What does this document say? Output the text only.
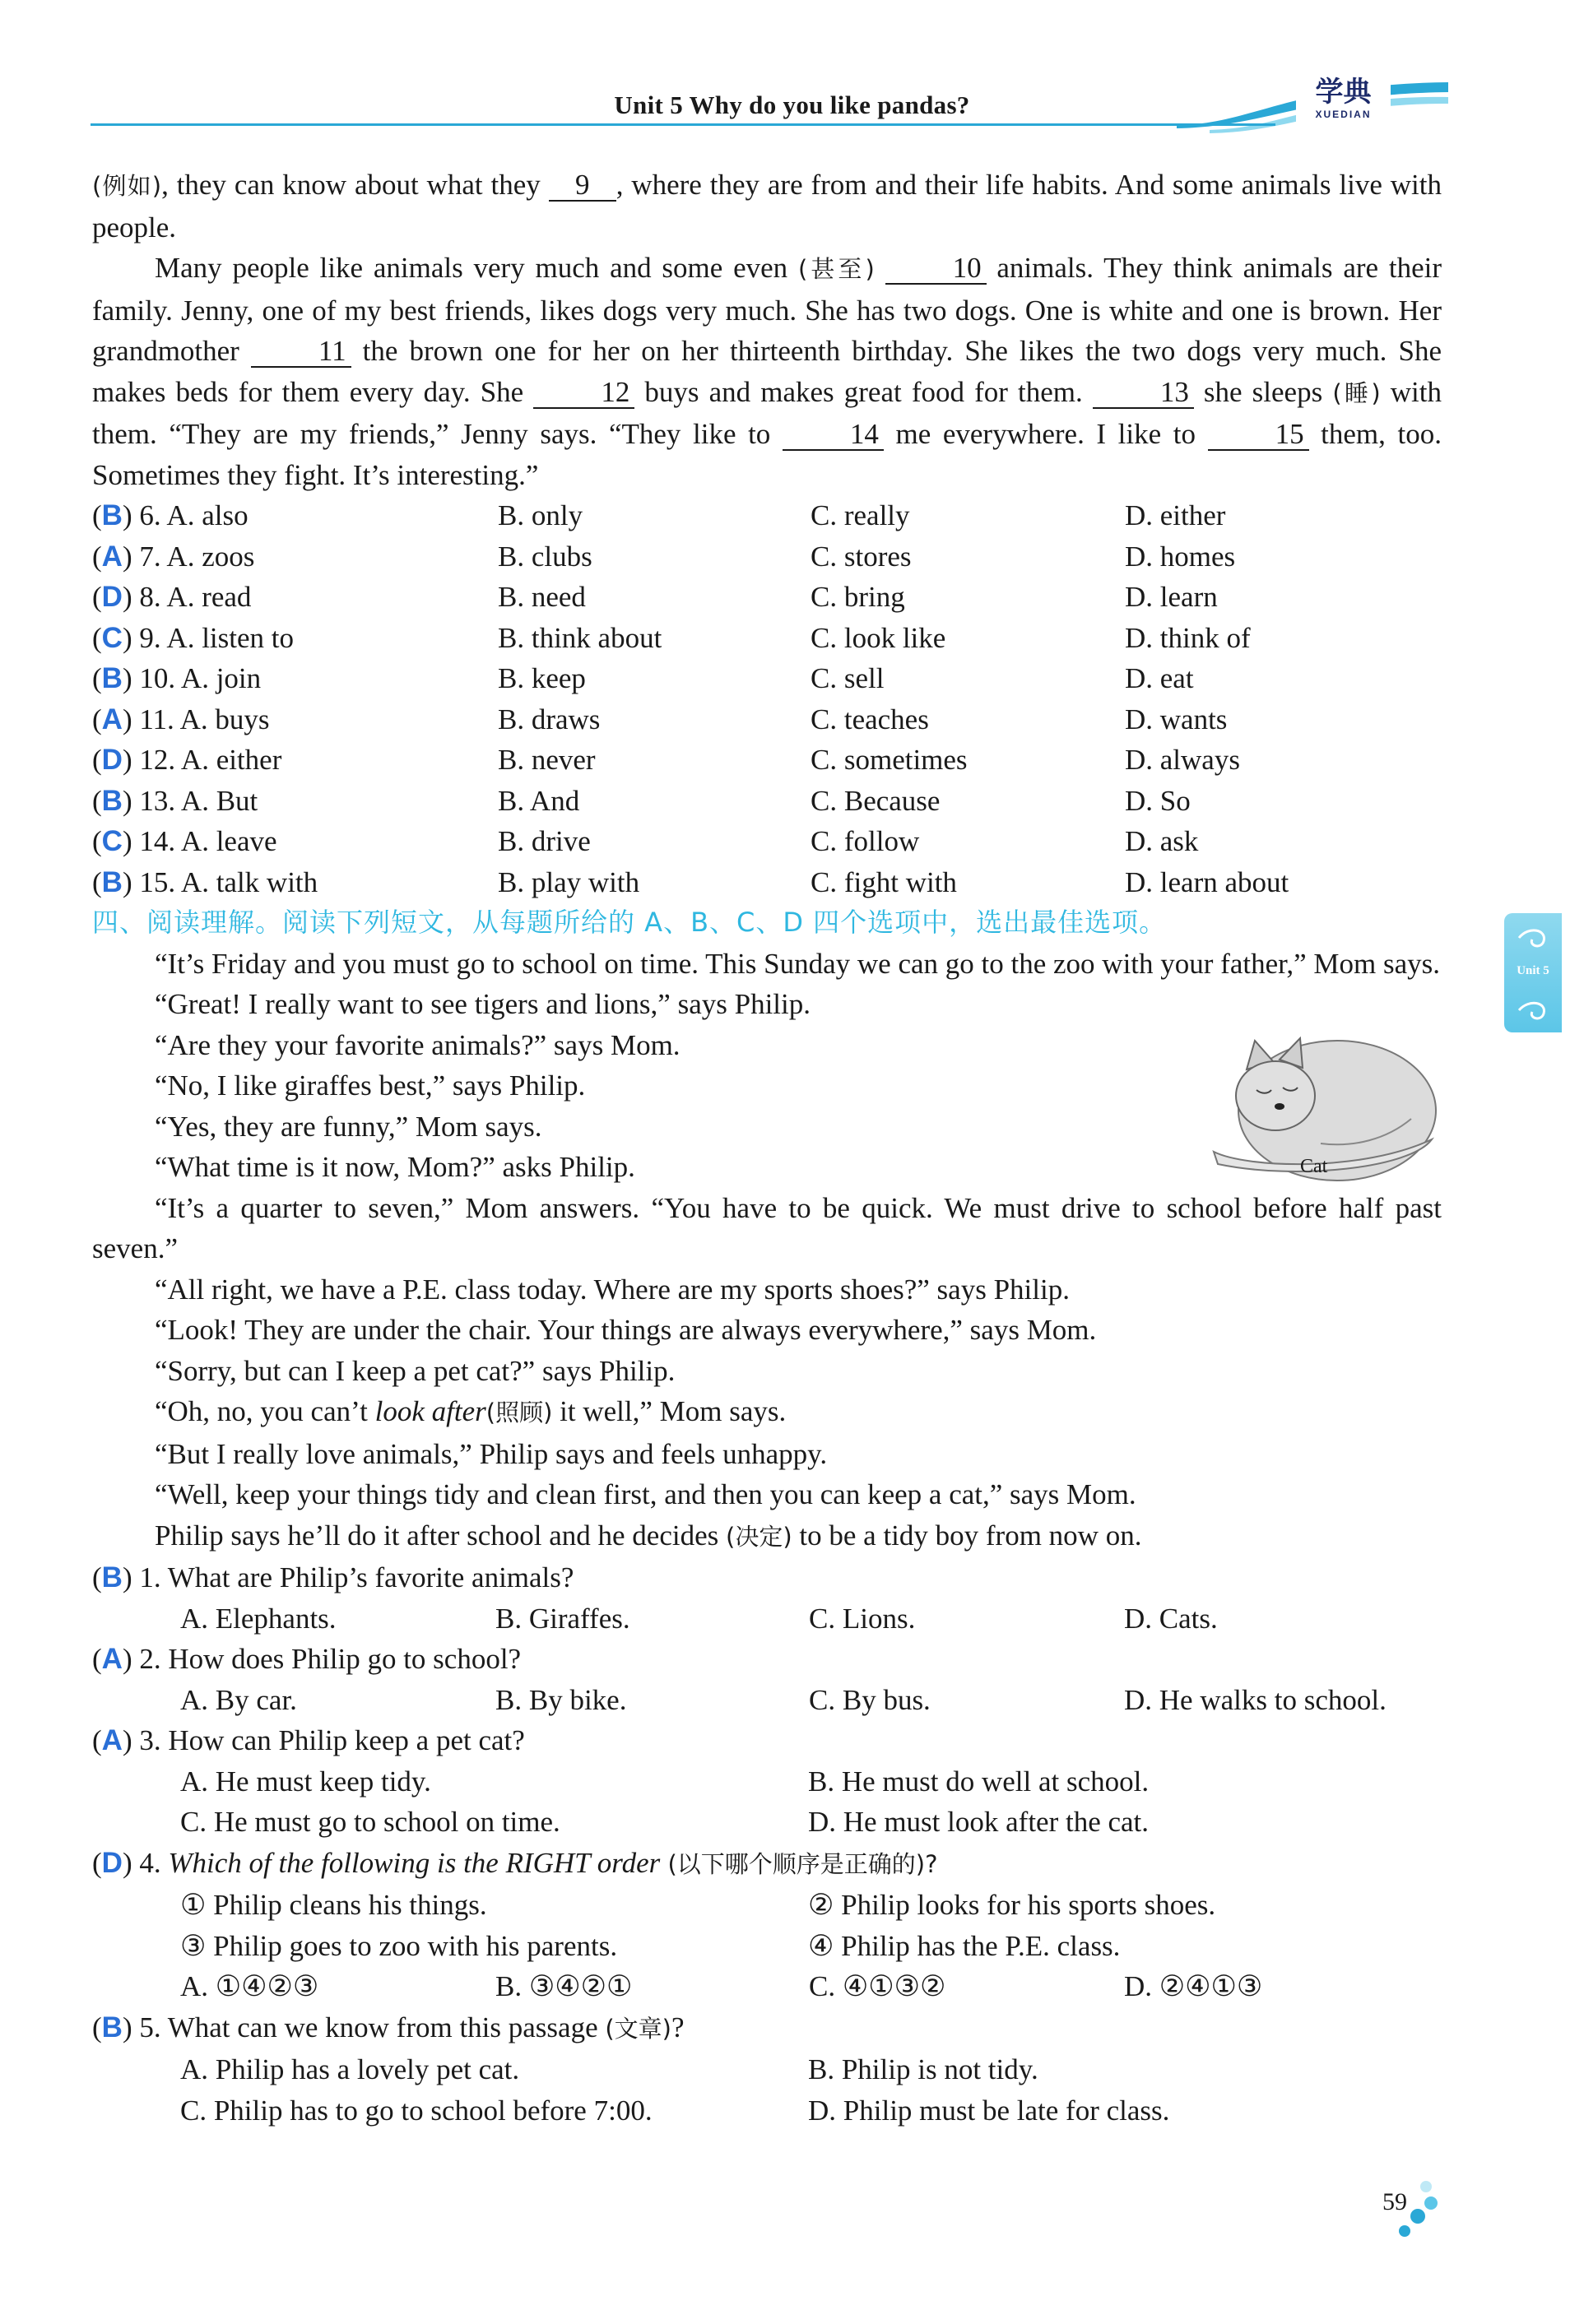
Unit 5 Why do you like pandas?	学典
XUEDIAN
Unit 5
Cat

(例如), they can know about what they 9 , where they are from and their life habits. And some animals live with people.

Many people like animals very much and some even (甚至)	10 animals. They think animals are their family. Jenny, one of my best friends, likes dogs very much. She has two dogs. One is white and one is brown. Her grandmother 11 the brown one for her on her thirteenth birthday. She likes the two dogs very much. She makes beds for them every day. She 12 buys and makes great food for them. 13 she sleeps (睡) with them. “They are my friends,” Jenny says. “They like to 14 me everywhere. I like to 15 them, too. Sometimes they fight. It’s interesting.”

(B) 6. A. also	B. only	C. really	D. either
(A) 7. A. zoos	B. clubs	C. stores	D. homes
(D) 8. A. read	B. need	C. bring	D. learn
(C) 9. A. listen to	B. think about	C. look like	D. think of
(B) 10. A. join	B. keep	C. sell	D. eat
(A) 11. A. buys	B. draws	C. teaches	D. wants
(D) 12. A. either	B. never	C. sometimes	D. always
(B) 13. A. But	B. And	C. Because	D. So
(C) 14. A. leave	B. drive	C. follow	D. ask
(B) 15. A. talk with	B. play with	C. fight with	D. learn about
四、阅读理解。阅读下列短文，从每题所给的 A、B、C、D 四个选项中，选出最佳选项。

“It’s Friday and you must go to school on time. This Sunday we can go to the zoo with your father,” Mom says.

“Great! I really want to see tigers and lions,” says Philip.

“Are they your favorite animals?” says Mom.

“No, I like giraffes best,” says Philip.

“Yes, they are funny,” Mom says.

“What time is it now, Mom?” asks Philip.

“It’s a quarter to seven,” Mom answers. “You have to be quick. We must drive to school before half past seven.”

“All right, we have a P.E. class today. Where are my sports shoes?” says Philip.

“Look! They are under the chair. Your things are always everywhere,” says Mom.

“Sorry, but can I keep a pet cat?” says Philip.

“Oh, no, you can’t look after(照顾) it well,” Mom says.

“But I really love animals,” Philip says and feels unhappy.

“Well, keep your things tidy and clean first, and then you can keep a cat,” says Mom.

Philip says he’ll do it after school and he decides (决定) to be a tidy boy from now on.

(B) 1. What are Philip’s favorite animals?
A. Elephants.	B. Giraffes.	C. Lions.	D. Cats.
(A) 2. How does Philip go to school?
A. By car.	B. By bike.	C. By bus.	D. He walks to school.
(A) 3. How can Philip keep a pet cat?
A. He must keep tidy.	B. He must do well at school.
C. He must go to school on time.	D. He must look after the cat.
(D) 4. Which of the following is the RIGHT order (以下哪个顺序是正确的)?
① Philip cleans his things.	② Philip looks for his sports shoes.
③ Philip goes to zoo with his parents.	④ Philip has the P.E. class.
A. ①④②③	B. ③④②①	C. ④①③②	D. ②④①③
(B) 5. What can we know from this passage (文章)?
A. Philip has a lovely pet cat.	B. Philip is not tidy.
C. Philip has to go to school before 7:00.	D. Philip must be late for class.
59
